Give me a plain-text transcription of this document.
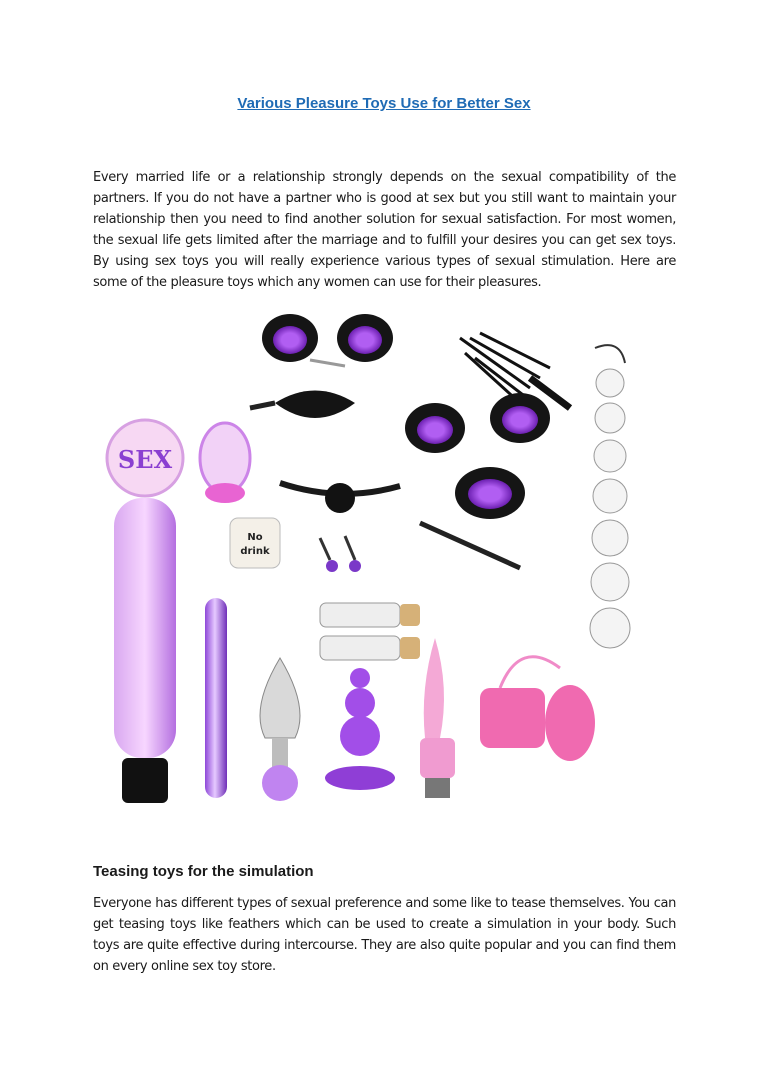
Various Pleasure Toys Use for Better Sex
Every married life or a relationship strongly depends on the sexual compatibility of the partners. If you do not have a partner who is good at sex but you still want to maintain your relationship then you need to find another solution for sexual satisfaction. For most women, the sexual life gets limited after the marriage and to fulfill your desires you can get sex toys. By using sex toys you will really experience various types of sexual stimulation. Here are some of the pleasure toys which any women can use for their pleasures.
SEX
No
drink
Teasing toys for the simulation
Everyone has different types of sexual preference and some like to tease themselves. You can get teasing toys like feathers which can be used to create a simulation in your body. Such toys are quite effective during intercourse. They are also quite popular and you can find them on every online sex toy store.
